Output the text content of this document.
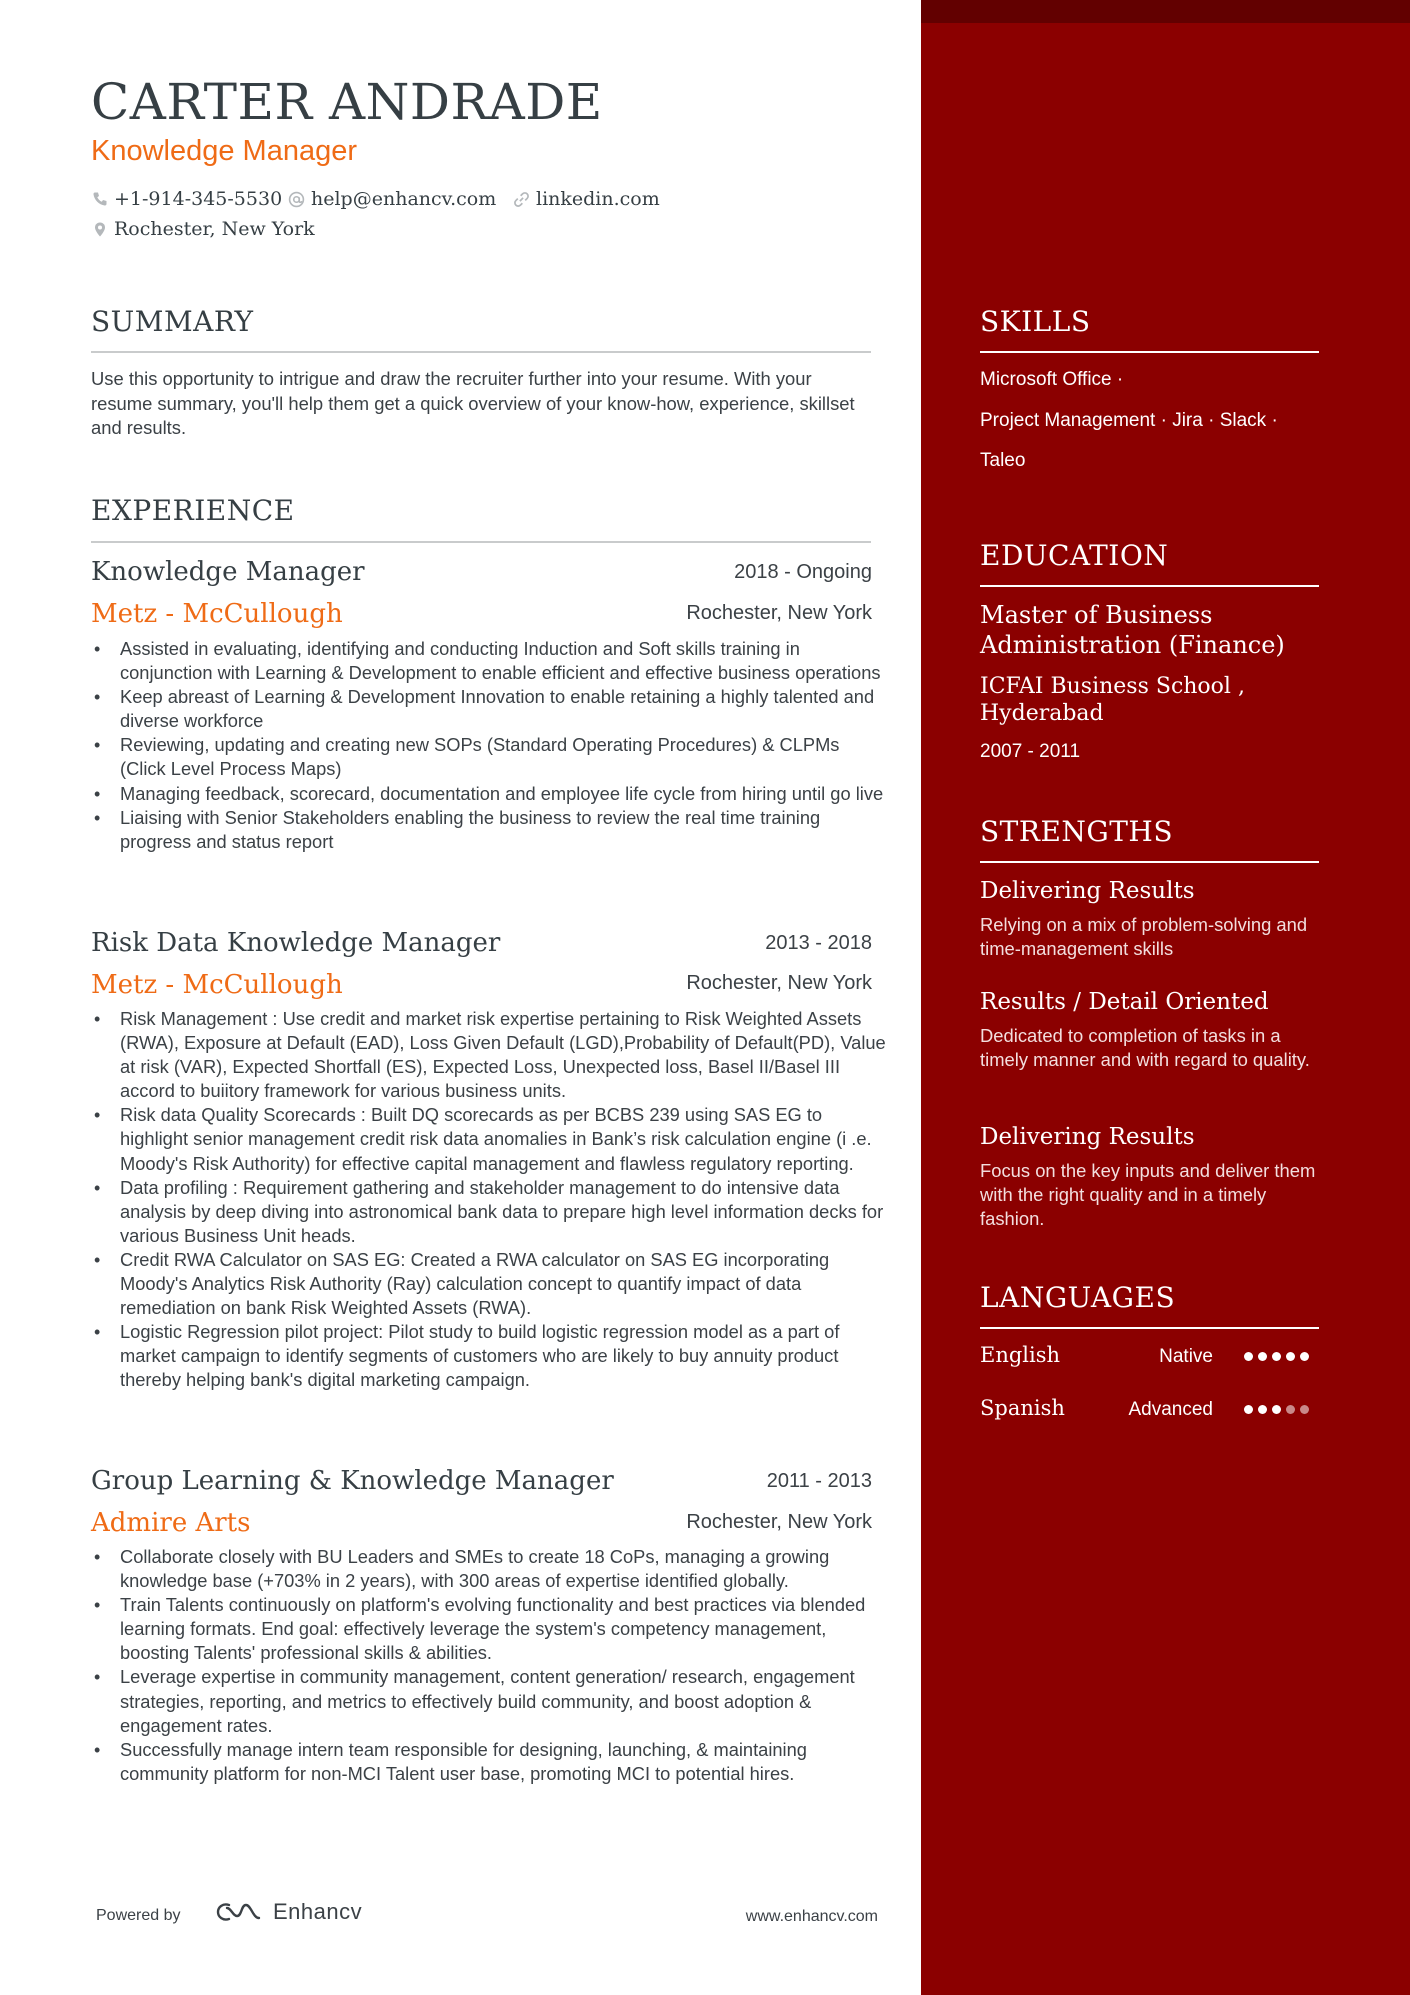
CARTER ANDRADE
Knowledge Manager
+1-914-345-5530 help@enhancv.com linkedin.com
Rochester, New York
SUMMARY
Use this opportunity to intrigue and draw the recruiter further into your resume. With your resume summary, you'll help them get a quick overview of your know-how, experience, skillset and results.
EXPERIENCE
Knowledge Manager	2018 - Ongoing
Metz - McCullough	Rochester, New York
• Assisted in evaluating, identifying and conducting Induction and Soft skills training in conjunction with Learning & Development to enable efficient and effective business operations
• Keep abreast of Learning & Development Innovation to enable retaining a highly talented and diverse workforce
• Reviewing, updating and creating new SOPs (Standard Operating Procedures) & CLPMs (Click Level Process Maps)
• Managing feedback, scorecard, documentation and employee life cycle from hiring until go live
• Liaising with Senior Stakeholders enabling the business to review the real time training progress and status report
Risk Data Knowledge Manager	2013 - 2018
Metz - McCullough	Rochester, New York
• Risk Management : Use credit and market risk expertise pertaining to Risk Weighted Assets (RWA), Exposure at Default (EAD), Loss Given Default (LGD),Probability of Default(PD), Value at risk (VAR), Expected Shortfall (ES), Expected Loss, Unexpected loss, Basel II/Basel III accord to buiitory framework for various business units.
• Risk data Quality Scorecards : Built DQ scorecards as per BCBS 239 using SAS EG to highlight senior management credit risk data anomalies in Bank’s risk calculation engine (i .e. Moody's Risk Authority) for effective capital management and flawless regulatory reporting.
• Data profiling : Requirement gathering and stakeholder management to do intensive data analysis by deep diving into astronomical bank data to prepare high level information decks for various Business Unit heads.
• Credit RWA Calculator on SAS EG: Created a RWA calculator on SAS EG incorporating Moody's Analytics Risk Authority (Ray) calculation concept to quantify impact of data remediation on bank Risk Weighted Assets (RWA).
• Logistic Regression pilot project: Pilot study to build logistic regression model as a part of market campaign to identify segments of customers who are likely to buy annuity product thereby helping bank's digital marketing campaign.
Group Learning & Knowledge Manager	2011 - 2013
Admire Arts	Rochester, New York
• Collaborate closely with BU Leaders and SMEs to create 18 CoPs, managing a growing knowledge base (+703% in 2 years), with 300 areas of expertise identified globally.
• Train Talents continuously on platform's evolving functionality and best practices via blended learning formats. End goal: effectively leverage the system's competency management, boosting Talents' professional skills & abilities.
• Leverage expertise in community management, content generation/ research, engagement strategies, reporting, and metrics to effectively build community, and boost adoption & engagement rates.
• Successfully manage intern team responsible for designing, launching, & maintaining community platform for non-MCI Talent user base, promoting MCI to potential hires.
SKILLS
Microsoft Office ·
Project Management · Jira · Slack ·
Taleo
EDUCATION
Master of Business Administration (Finance)
ICFAI Business School , Hyderabad
2007 - 2011
STRENGTHS
Delivering Results
Relying on a mix of problem-solving and time-management skills
Results / Detail Oriented
Dedicated to completion of tasks in a timely manner and with regard to quality.
Delivering Results
Focus on the key inputs and deliver them with the right quality and in a timely fashion.
LANGUAGES
English	Native
Spanish	Advanced
Powered by	Enhancv	www.enhancv.com
